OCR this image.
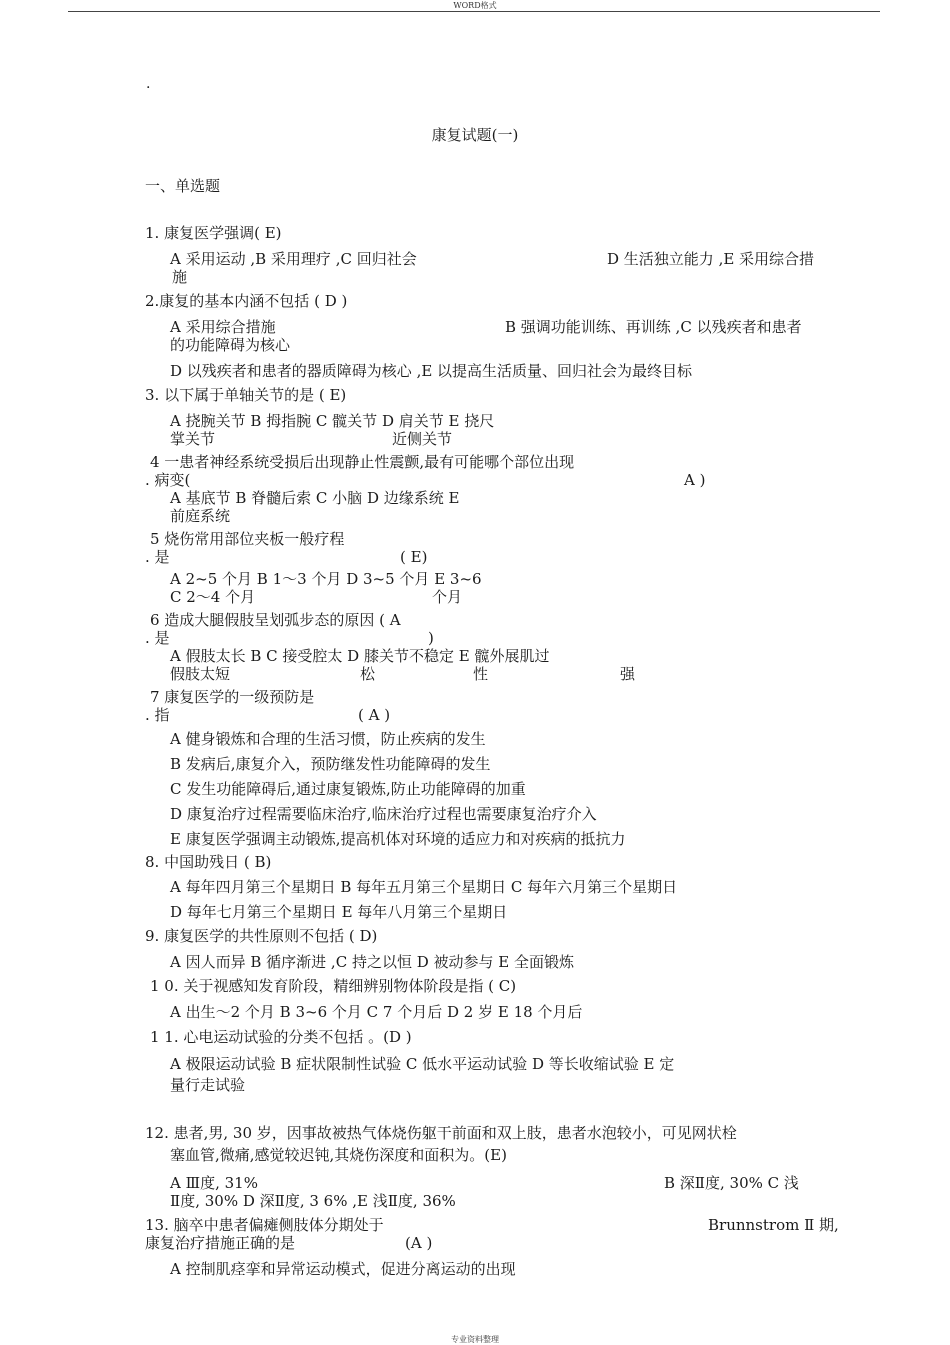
WORD格式
.
康复试题(一)
一、单选题
1. 康复医学强调( E)
A 采用运动 ,B 采用理疗 ,C 回归社会	D 生活独立能力 ,E 采用综合措
施
2.康复的基本内涵不包括 ( D )
A 采用综合措施	B 强调功能训练、再训练 ,C 以残疾者和患者
的功能障碍为核心
D 以残疾者和患者的器质障碍为核心 ,E 以提高生活质量、回归社会为最终目标
3. 以下属于单轴关节的是 ( E)
A 挠腕关节 B 拇指腕 C 髋关节 D 肩关节 E 挠尺
掌关节	近侧关节
4 一患者神经系统受损后出现静止性震颤,最有可能哪个部位出现
. 病变(	A )
A 基底节 B 脊髓后索 C 小脑 D 边缘系统 E
前庭系统
5 烧伤常用部位夹板一般疗程
. 是	( E)
A 2~5 个月 B 1～3 个月 D 3~5 个月 E 3~6
C 2～4 个月	个月
6 造成大腿假肢呈划弧步态的原因 ( A
. 是	)
A 假肢太长 B C 接受腔太 D 膝关节不稳定 E 髋外展肌过
假肢太短	松	性	强
7 康复医学的一级预防是
. 指	( A )
A 健身锻炼和合理的生活习惯，防止疾病的发生
B 发病后,康复介入，预防继发性功能障碍的发生
C 发生功能障碍后,通过康复锻炼,防止功能障碍的加重
D 康复治疗过程需要临床治疗,临床治疗过程也需要康复治疗介入
E 康复医学强调主动锻炼,提高机体对环境的适应力和对疾病的抵抗力
8. 中国助残日 ( B)
A 每年四月第三个星期日 B 每年五月第三个星期日 C 每年六月第三个星期日
D 每年七月第三个星期日 E 每年八月第三个星期日
9. 康复医学的共性原则不包括 ( D)
A 因人而异 B 循序渐进 ,C 持之以恒 D 被动参与 E 全面锻炼
1 0. 关于视感知发育阶段，精细辨别物体阶段是指 ( C)
A 出生～2 个月 B 3~6 个月 C 7 个月后 D 2 岁 E 18 个月后
1 1. 心电运动试验的分类不包括 。(D )
A 极限运动试验 B 症状限制性试验 C 低水平运动试验 D 等长收缩试验 E 定
量行走试验
12. 患者,男, 30 岁，因事故被热气体烧伤躯干前面和双上肢，患者水泡较小，可见网状栓
塞血管,微痛,感觉较迟钝,其烧伤深度和面积为。(E)
A Ⅲ度, 31%	B 深Ⅱ度, 30% C 浅
Ⅱ度, 30% D 深Ⅱ度, 3 6% ,E 浅Ⅱ度, 36%
13. 脑卒中患者偏瘫侧肢体分期处于	Brunnstrom Ⅱ 期,
康复治疗措施正确的是	(A )
A 控制肌痉挛和异常运动模式，促进分离运动的出现
专业资料整理
